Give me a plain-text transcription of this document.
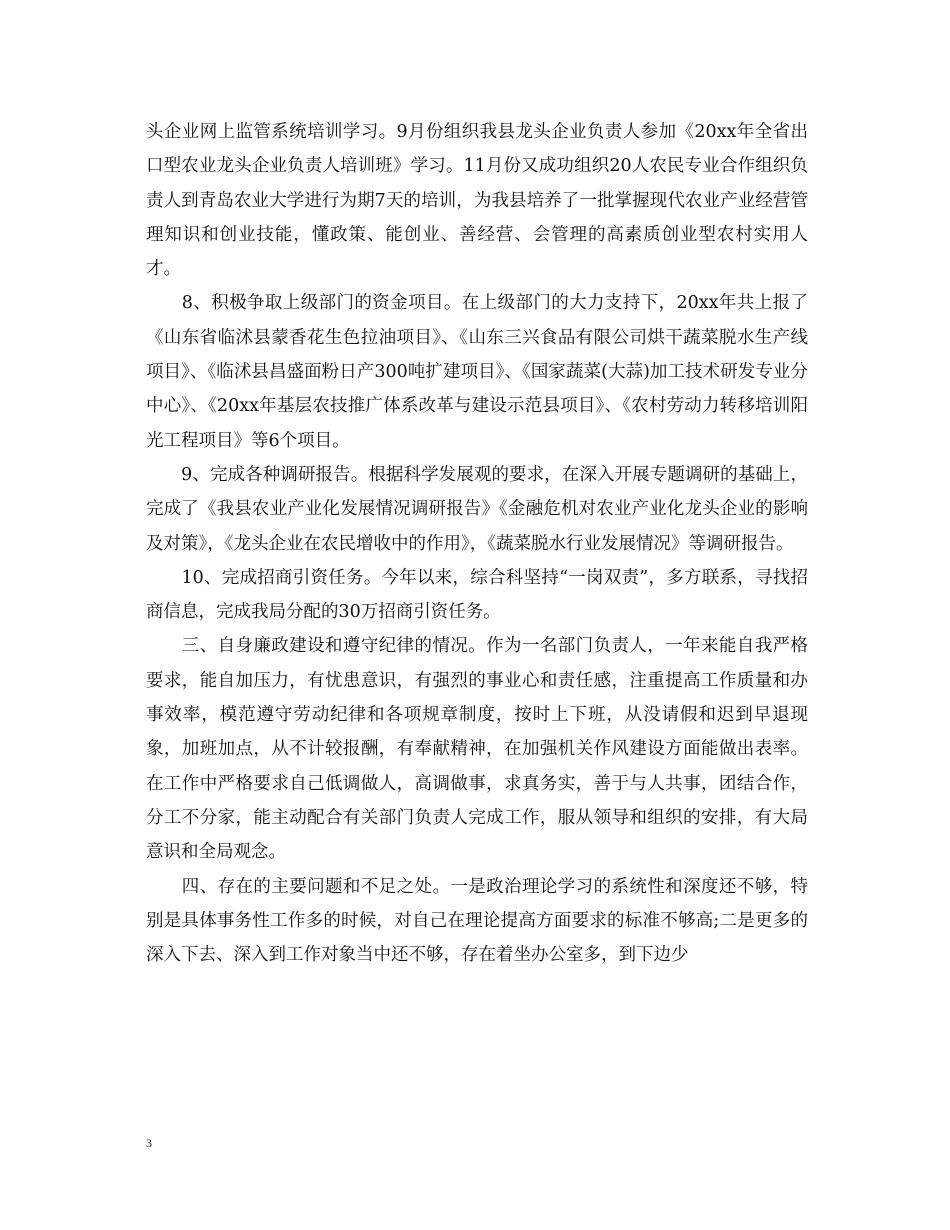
头企业网上监管系统培训学习。9月份组织我县龙头企业负责人参加《20xx年全省出口型农业龙头企业负责人培训班》学习。11月份又成功组织20人农民专业合作组织负责人到青岛农业大学进行为期7天的培训，为我县培养了一批掌握现代农业产业经营管理知识和创业技能，懂政策、能创业、善经营、会管理的高素质创业型农村实用人才。

　　8、积极争取上级部门的资金项目。在上级部门的大力支持下，20xx年共上报了《山东省临沭县蒙香花生色拉油项目》、《山东三兴食品有限公司烘干蔬菜脱水生产线项目》、《临沭县昌盛面粉日产300吨扩建项目》、《国家蔬菜(大蒜)加工技术研发专业分中心》、《20xx年基层农技推广体系改革与建设示范县项目》、《农村劳动力转移培训阳光工程项目》等6个项目。

　　9、完成各种调研报告。根据科学发展观的要求，在深入开展专题调研的基础上，完成了《我县农业产业化发展情况调研报告》《金融危机对农业产业化龙头企业的影响及对策》，《龙头企业在农民增收中的作用》，《蔬菜脱水行业发展情况》等调研报告。

　　10、完成招商引资任务。今年以来，综合科坚持“一岗双责”，多方联系，寻找招商信息，完成我局分配的30万招商引资任务。

　　三、自身廉政建设和遵守纪律的情况。作为一名部门负责人，一年来能自我严格要求，能自加压力，有忧患意识，有强烈的事业心和责任感，注重提高工作质量和办事效率，模范遵守劳动纪律和各项规章制度，按时上下班，从没请假和迟到早退现象，加班加点，从不计较报酬，有奉献精神，在加强机关作风建设方面能做出表率。在工作中严格要求自己低调做人，高调做事，求真务实，善于与人共事，团结合作，分工不分家，能主动配合有关部门负责人完成工作，服从领导和组织的安排，有大局意识和全局观念。

　　四、存在的主要问题和不足之处。一是政治理论学习的系统性和深度还不够，特别是具体事务性工作多的时候，对自己在理论提高方面要求的标准不够高;二是更多的深入下去、深入到工作对象当中还不够，存在着坐办公室多，到下边少

3
